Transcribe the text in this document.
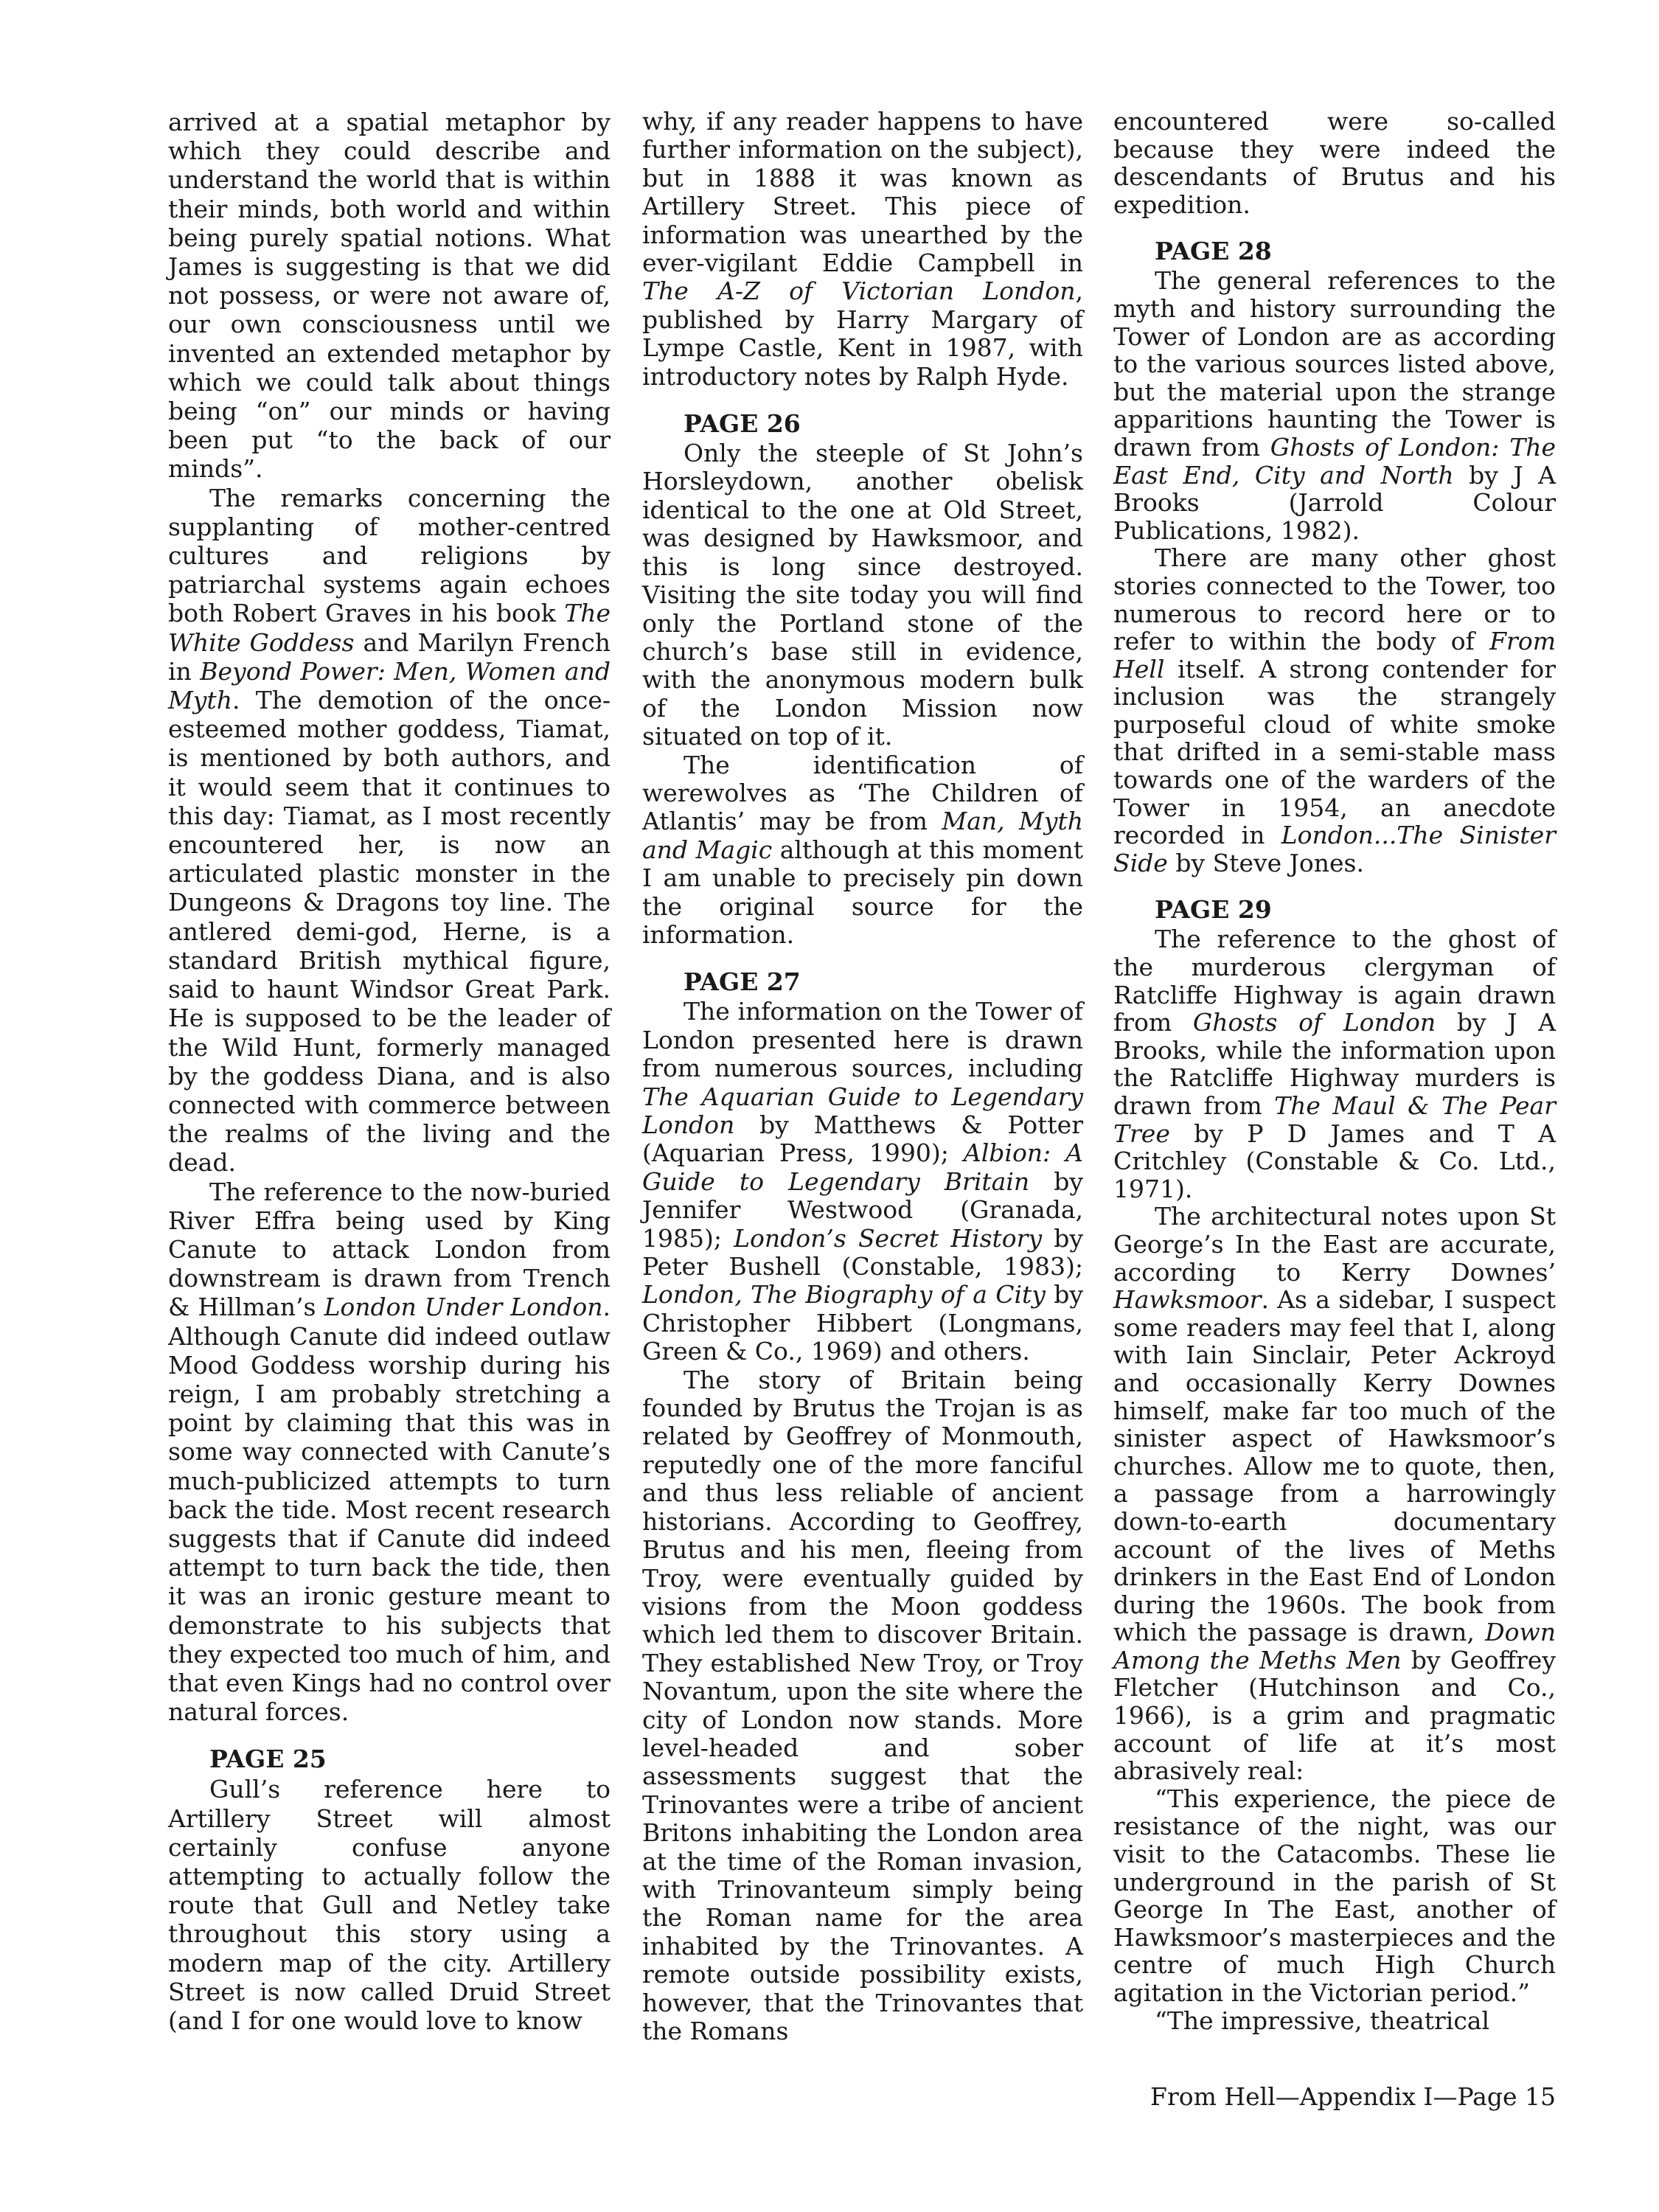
arrived at a spatial metaphor by which they could describe and understand the world that is within their minds, both world and within being purely spatial notions. What James is suggesting is that we did not possess, or were not aware of, our own consciousness until we invented an extended metaphor by which we could talk about things being “on” our minds or having been put “to the back of our minds”.

The remarks concerning the supplanting of mother-centred cultures and religions by patriarchal systems again echoes both Robert Graves in his book The White Goddess and Marilyn French in Beyond Power: Men, Women and Myth. The demotion of the once-esteemed mother goddess, Tiamat, is mentioned by both authors, and it would seem that it continues to this day: Tiamat, as I most recently encountered her, is now an articulated plastic monster in the Dungeons & Dragons toy line. The antlered demi-god, Herne, is a standard British mythical figure, said to haunt Windsor Great Park. He is supposed to be the leader of the Wild Hunt, formerly managed by the goddess Diana, and is also connected with commerce between the realms of the living and the dead.

The reference to the now-buried River Effra being used by King Canute to attack London from downstream is drawn from Trench & Hillman’s London Under London. Although Canute did indeed outlaw Mood Goddess worship during his reign, I am probably stretching a point by claiming that this was in some way connected with Canute’s much-publicized attempts to turn back the tide. Most recent research suggests that if Canute did indeed attempt to turn back the tide, then it was an ironic gesture meant to demonstrate to his subjects that they expected too much of him, and that even Kings had no control over natural forces.

PAGE 25

Gull’s reference here to Artillery Street will almost certainly confuse anyone attempting to actually follow the route that Gull and Netley take throughout this story using a modern map of the city. Artillery Street is now called Druid Street (and I for one would love to know

why, if any reader happens to have further information on the subject), but in 1888 it was known as Artillery Street. This piece of information was unearthed by the ever-vigilant Eddie Campbell in The A-Z of Victorian London, published by Harry Margary of Lympe Castle, Kent in 1987, with introductory notes by Ralph Hyde.

PAGE 26

Only the steeple of St John’s Horsleydown, another obelisk identical to the one at Old Street, was designed by Hawksmoor, and this is long since destroyed. Visiting the site today you will find only the Portland stone of the church’s base still in evidence, with the anonymous modern bulk of the London Mission now situated on top of it.

The identification of werewolves as ‘The Children of Atlantis’ may be from Man, Myth and Magic although at this moment I am unable to precisely pin down the original source for the information.

PAGE 27

The information on the Tower of London presented here is drawn from numerous sources, including The Aquarian Guide to Legendary London by Matthews & Potter (Aquarian Press, 1990); Albion: A Guide to Legendary Britain by Jennifer Westwood (Granada, 1985); London’s Secret History by Peter Bushell (Constable, 1983); London, The Biography of a City by Christopher Hibbert (Longmans, Green & Co., 1969) and others.

The story of Britain being founded by Brutus the Trojan is as related by Geoffrey of Monmouth, reputedly one of the more fanciful and thus less reliable of ancient historians. According to Geoffrey, Brutus and his men, fleeing from Troy, were eventually guided by visions from the Moon goddess which led them to discover Britain. They established New Troy, or Troy Novantum, upon the site where the city of London now stands. More level-headed and sober assessments suggest that the Trinovantes were a tribe of ancient Britons inhabiting the London area at the time of the Roman invasion, with Trinovanteum simply being the Roman name for the area inhabited by the Trinovantes. A remote outside possibility exists, however, that the Trinovantes that the Romans

encountered were so-called because they were indeed the descendants of Brutus and his expedition.

PAGE 28

The general references to the myth and history surrounding the Tower of London are as according to the various sources listed above, but the material upon the strange apparitions haunting the Tower is drawn from Ghosts of London: The East End, City and North by J A Brooks (Jarrold Colour Publications, 1982).

There are many other ghost stories connected to the Tower, too numerous to record here or to refer to within the body of From Hell itself. A strong contender for inclusion was the strangely purposeful cloud of white smoke that drifted in a semi-stable mass towards one of the warders of the Tower in 1954, an anecdote recorded in London...The Sinister Side by Steve Jones.

PAGE 29

The reference to the ghost of the murderous clergyman of Ratcliffe Highway is again drawn from Ghosts of London by J A Brooks, while the information upon the Ratcliffe Highway murders is drawn from The Maul & The Pear Tree by P D James and T A Critchley (Constable & Co. Ltd., 1971).

The architectural notes upon St George’s In the East are accurate, according to Kerry Downes’ Hawksmoor. As a sidebar, I suspect some readers may feel that I, along with Iain Sinclair, Peter Ackroyd and occasionally Kerry Downes himself, make far too much of the sinister aspect of Hawksmoor’s churches. Allow me to quote, then, a passage from a harrowingly down-to-earth documentary account of the lives of Meths drinkers in the East End of London during the 1960s. The book from which the passage is drawn, Down Among the Meths Men by Geoffrey Fletcher (Hutchinson and Co., 1966), is a grim and pragmatic account of life at it’s most abrasively real:

“This experience, the piece de resistance of the night, was our visit to the Catacombs. These lie underground in the parish of St George In The East, another of Hawksmoor’s masterpieces and the centre of much High Church agitation in the Victorian period.”

“The impressive, theatrical

From Hell—Appendix I—Page 15
